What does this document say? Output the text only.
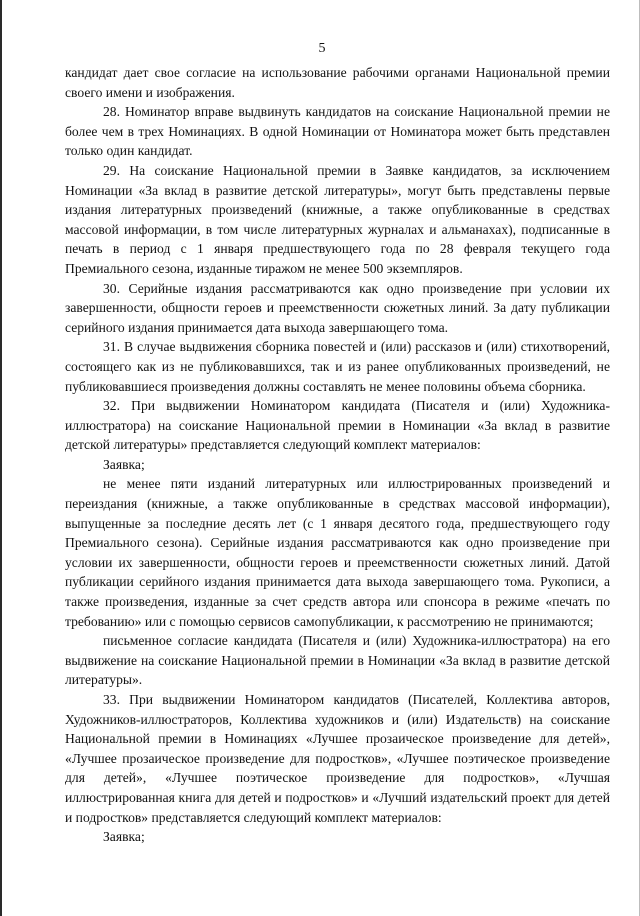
5

кандидат дает свое согласие на использование рабочими органами Национальной премии своего имени и изображения.

28. Номинатор вправе выдвинуть кандидатов на соискание Национальной премии не более чем в трех Номинациях. В одной Номинации от Номинатора может быть представлен только один кандидат.

29. На соискание Национальной премии в Заявке кандидатов, за исключением Номинации «За вклад в развитие детской литературы», могут быть представлены первые издания литературных произведений (книжные, а также опубликованные в средствах массовой информации, в том числе литературных журналах и альманахах), подписанные в печать в период с 1 января предшествующего года по 28 февраля текущего года Премиального сезона, изданные тиражом не менее 500 экземпляров.

30. Серийные издания рассматриваются как одно произведение при условии их завершенности, общности героев и преемственности сюжетных линий. За дату публикации серийного издания принимается дата выхода завершающего тома.

31. В случае выдвижения сборника повестей и (или) рассказов и (или) стихотворений, состоящего как из не публиковавшихся, так и из ранее опубликованных произведений, не публиковавшиеся произведения должны составлять не менее половины объема сборника.

32. При выдвижении Номинатором кандидата (Писателя и (или) Художника-иллюстратора) на соискание Национальной премии в Номинации «За вклад в развитие детской литературы» представляется следующий комплект материалов:

Заявка;

не менее пяти изданий литературных или иллюстрированных произведений и переиздания (книжные, а также опубликованные в средствах массовой информации), выпущенные за последние десять лет (с 1 января десятого года, предшествующего году Премиального сезона). Серийные издания рассматриваются как одно произведение при условии их завершенности, общности героев и преемственности сюжетных линий. Датой публикации серийного издания принимается дата выхода завершающего тома. Рукописи, а также произведения, изданные за счет средств автора или спонсора в режиме «печать по требованию» или с помощью сервисов самопубликации, к рассмотрению не принимаются;

письменное согласие кандидата (Писателя и (или) Художника-иллюстратора) на его выдвижение на соискание Национальной премии в Номинации «За вклад в развитие детской литературы».

33. При выдвижении Номинатором кандидатов (Писателей, Коллектива авторов, Художников-иллюстраторов, Коллектива художников и (или) Издательств) на соискание Национальной премии в Номинациях «Лучшее прозаическое произведение для детей», «Лучшее прозаическое произведение для подростков», «Лучшее поэтическое произведение для детей», «Лучшее поэтическое произведение для подростков», «Лучшая иллюстрированная книга для детей и подростков» и «Лучший издательский проект для детей и подростков» представляется следующий комплект материалов:

Заявка;
